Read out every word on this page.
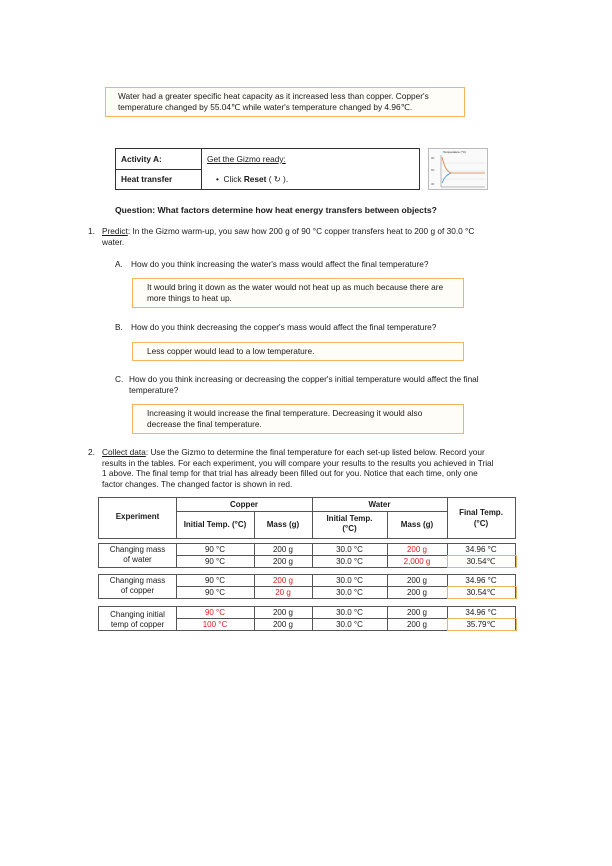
Water had a greater specific heat capacity as it increased less than copper. Copper's
temperature changed by 55.04℃ while water's temperature changed by 4.96℃.
Activity A:
Heat transfer
Get the Gizmo ready:
• Click Reset ( ↻ ).
Temperature (°C)
90
60
30
Question: What factors determine how heat energy transfers between objects?
1. Predict: In the Gizmo warm-up, you saw how 200 g of 90 °C copper transfers heat to 200 g of 30.0 °C
water.
A. How do you think increasing the water's mass would affect the final temperature?
It would bring it down as the water would not heat up as much because there are
more things to heat up.
B. How do you think decreasing the copper's mass would affect the final temperature?
Less copper would lead to a low temperature.
C. How do you think increasing or decreasing the copper's initial temperature would affect the final
temperature?
Increasing it would increase the final temperature. Decreasing it would also
decrease the final temperature.
2. Collect data: Use the Gizmo to determine the final temperature for each set-up listed below. Record your
results in the tables. For each experiment, you will compare your results to the results you achieved in Trial
1 above. The final temp for that trial has already been filled out for you. Notice that each time, only one
factor changes. The changed factor is shown in red.
Experiment
Copper	Water
Initial Temp. (°C)	Mass (g)
Initial Temp.
(°C)	Mass (g)
Final Temp.
(°C)
Changing mass
of water
90 °C	200 g	30.0 °C	200 g	34.96 °C
90 °C	200 g	30.0 °C	2,000 g	30.54℃
Changing mass
of copper
90 °C	200 g	30.0 °C	200 g	34.96 °C
90 °C	20 g	30.0 °C	200 g	30.54℃
Changing initial
temp of copper
90 °C	200 g	30.0 °C	200 g	34.96 °C
100 °C	200 g	30.0 °C	200 g	35.79℃
